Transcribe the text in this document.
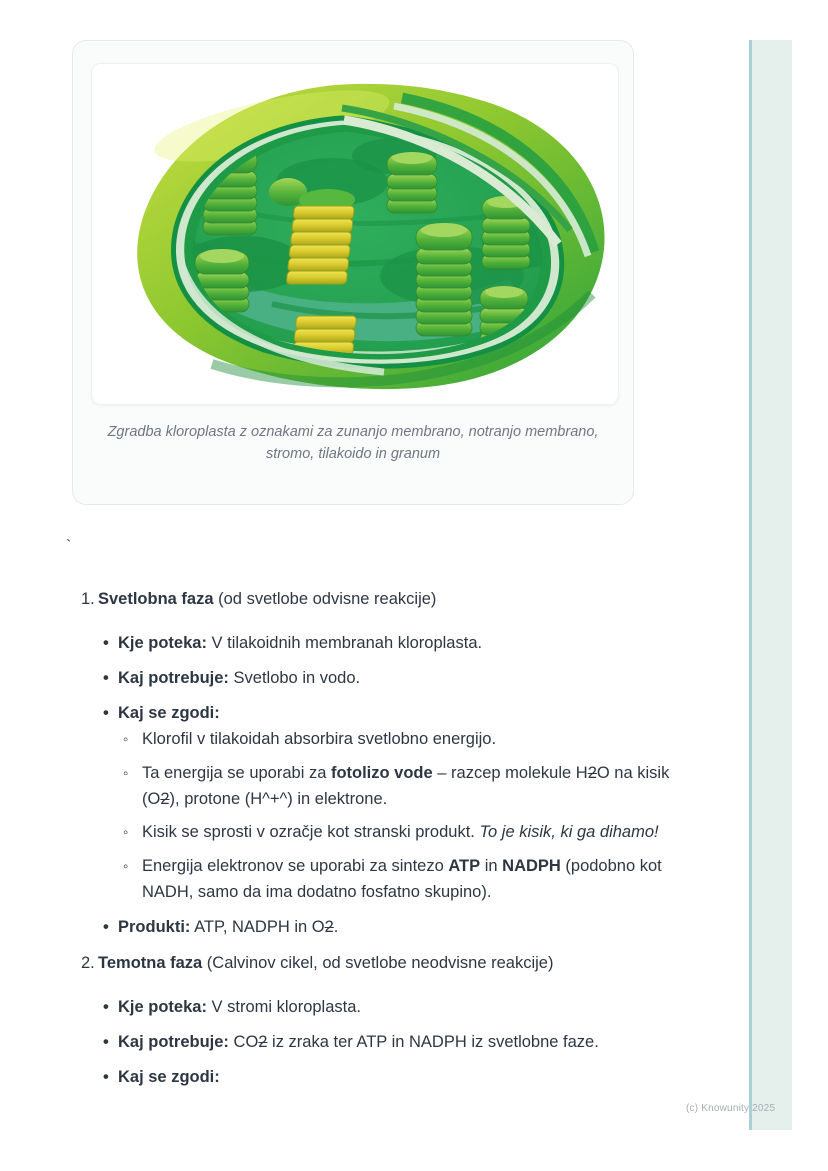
Zgradba kloroplasta z oznakami za zunanjo membrano, notranjo membrano, stromo, tilakoido in granum
`
1. Svetlobna faza (od svetlobe odvisne reakcije)
•
Kje poteka: V tilakoidnih membranah kloroplasta.
•
Kaj potrebuje: Svetlobo in vodo.
•
Kaj se zgodi:
◦
Klorofil v tilakoidah absorbira svetlobno energijo.
◦
Ta energija se uporabi za fotolizo vode – razcep molekule H2O na kisik (O2), protone (H^+^) in elektrone.
◦
Kisik se sprosti v ozračje kot stranski produkt. To je kisik, ki ga dihamo!
◦
Energija elektronov se uporabi za sintezo ATP in NADPH (podobno kot NADH, samo da ima dodatno fosfatno skupino).
•
Produkti: ATP, NADPH in O2.
2. Temotna faza (Calvinov cikel, od svetlobe neodvisne reakcije)
•
Kje poteka: V stromi kloroplasta.
•
Kaj potrebuje: CO2 iz zraka ter ATP in NADPH iz svetlobne faze.
•
Kaj se zgodi:
(c) Knowunity 2025
